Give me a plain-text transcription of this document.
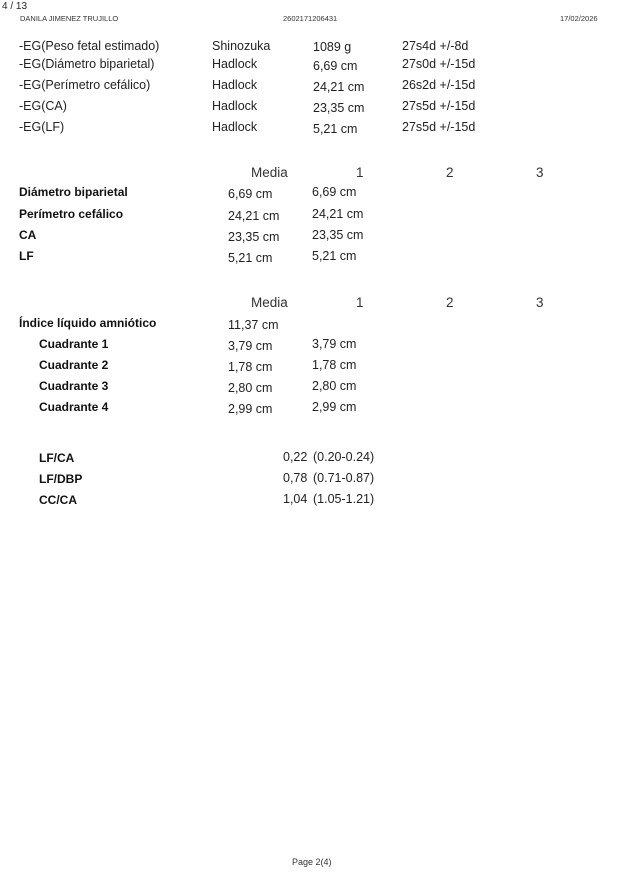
4 / 13
DANILA JIMENEZ TRUJILLO	26021712064​31	17/02/2026
-EG(Peso fetal estimado)	Shinozuka	1089 g	27s4d +/-8d
-EG(Diámetro biparietal)	Hadlock	6,69 cm	27s0d +/-15d
-EG(Perímetro cefálico)	Hadlock	24,21 cm	26s2d +/-15d
-EG(CA)	Hadlock	23,35 cm	27s5d +/-15d
-EG(LF)	Hadlock	5,21 cm	27s5d +/-15d
Media	1	2	3
Diámetro biparietal	6,69 cm	6,69 cm
Perímetro cefálico	24,21 cm	24,21 cm
CA	23,35 cm	23,35 cm
LF	5,21 cm	5,21 cm
Media	1	2	3
Índice líquido amniótico	11,37 cm
Cuadrante 1	3,79 cm	3,79 cm
Cuadrante 2	1,78 cm	1,78 cm
Cuadrante 3	2,80 cm	2,80 cm
Cuadrante 4	2,99 cm	2,99 cm
LF/CA	0,22 (0.20-0.24)
LF/DBP	0,78 (0.71-0.87)
CC/CA	1,04 (1.05-1.21)
Page 2(4)
